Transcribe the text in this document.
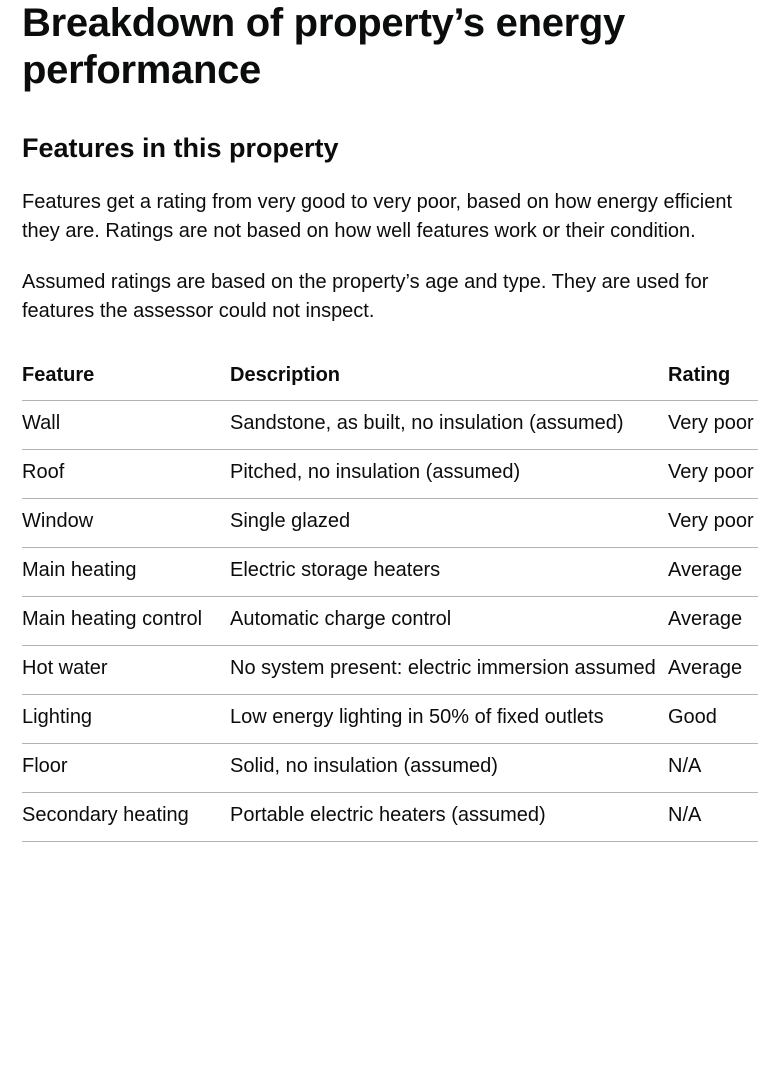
Breakdown of property’s energy performance
Features in this property

Features get a rating from very good to very poor, based on how energy efficient they are. Ratings are not based on how well features work or their condition.

Assumed ratings are based on the property’s age and type. They are used for features the assessor could not inspect.

Feature	Description	Rating
Wall	Sandstone, as built, no insulation (assumed)	Very poor
Roof	Pitched, no insulation (assumed)	Very poor
Window	Single glazed	Very poor
Main heating	Electric storage heaters	Average
Main heating control	Automatic charge control	Average
Hot water	No system present: electric immersion assumed	Average
Lighting	Low energy lighting in 50% of fixed outlets	Good
Floor	Solid, no insulation (assumed)	N/A
Secondary heating	Portable electric heaters (assumed)	N/A
